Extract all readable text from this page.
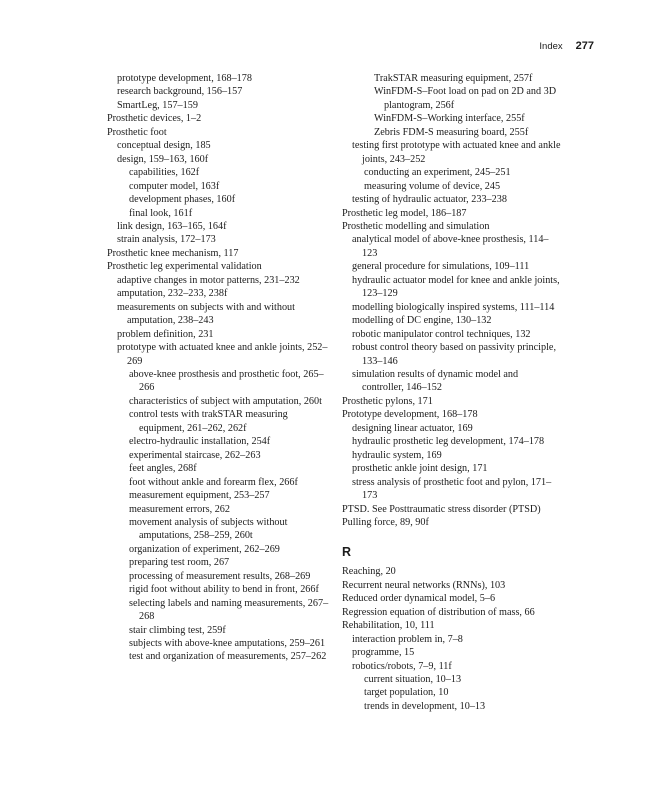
Index 277
prototype development, 168–178
research background, 156–157
SmartLeg, 157–159
Prosthetic devices, 1–2
Prosthetic foot
conceptual design, 185
design, 159–163, 160f
capabilities, 162f
computer model, 163f
development phases, 160f
final look, 161f
link design, 163–165, 164f
strain analysis, 172–173
Prosthetic knee mechanism, 117
Prosthetic leg experimental validation
adaptive changes in motor patterns, 231–232
amputation, 232–233, 238f
measurements on subjects with and without amputation, 238–243
problem definition, 231
prototype with actuated knee and ankle joints, 252–269
above-knee prosthesis and prosthetic foot, 265–266
characteristics of subject with amputation, 260t
control tests with trakSTAR measuring equipment, 261–262, 262f
electro-hydraulic installation, 254f
experimental staircase, 262–263
feet angles, 268f
foot without ankle and forearm flex, 266f
measurement equipment, 253–257
measurement errors, 262
movement analysis of subjects without amputations, 258–259, 260t
organization of experiment, 262–269
preparing test room, 267
processing of measurement results, 268–269
rigid foot without ability to bend in front, 266f
selecting labels and naming measurements, 267–268
stair climbing test, 259f
subjects with above-knee amputations, 259–261
test and organization of measurements, 257–262
TrakSTAR measuring equipment, 257f
WinFDM-S–Foot load on pad on 2D and 3D plantogram, 256f
WinFDM-S–Working interface, 255f
Zebris FDM-S measuring board, 255f
testing first prototype with actuated knee and ankle joints, 243–252
conducting an experiment, 245–251
measuring volume of device, 245
testing of hydraulic actuator, 233–238
Prosthetic leg model, 186–187
Prosthetic modelling and simulation
analytical model of above-knee prosthesis, 114–123
general procedure for simulations, 109–111
hydraulic actuator model for knee and ankle joints, 123–129
modelling biologically inspired systems, 111–114
modelling of DC engine, 130–132
robotic manipulator control techniques, 132
robust control theory based on passivity principle, 133–146
simulation results of dynamic model and controller, 146–152
Prosthetic pylons, 171
Prototype development, 168–178
designing linear actuator, 169
hydraulic prosthetic leg development, 174–178
hydraulic system, 169
prosthetic ankle joint design, 171
stress analysis of prosthetic foot and pylon, 171–173
PTSD. See Posttraumatic stress disorder (PTSD)
Pulling force, 89, 90f
R
Reaching, 20
Recurrent neural networks (RNNs), 103
Reduced order dynamical model, 5–6
Regression equation of distribution of mass, 66
Rehabilitation, 10, 111
interaction problem in, 7–8
programme, 15
robotics/robots, 7–9, 11f
current situation, 10–13
target population, 10
trends in development, 10–13
